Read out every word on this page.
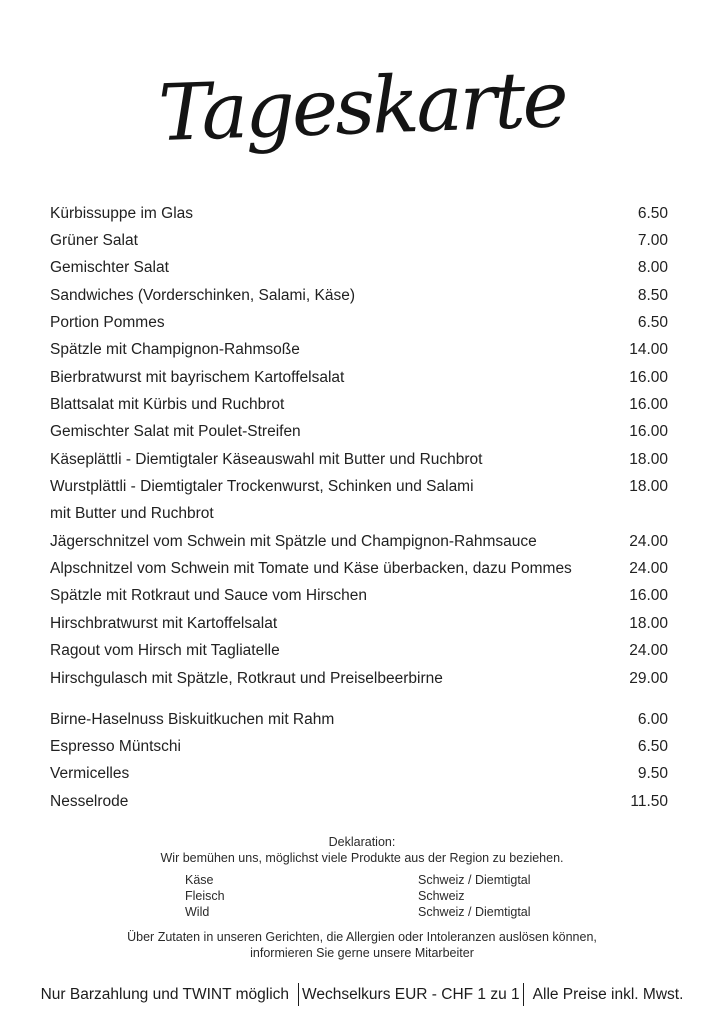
Tageskarte
Kürbissuppe im Glas	6.50
Grüner Salat	7.00
Gemischter Salat	8.00
Sandwiches (Vorderschinken, Salami, Käse)	8.50
Portion Pommes	6.50
Spätzle mit Champignon-Rahmsoße	14.00
Bierbratwurst mit bayrischem Kartoffelsalat	16.00
Blattsalat mit Kürbis und Ruchbrot	16.00
Gemischter Salat mit Poulet-Streifen	16.00
Käseplättli - Diemtigtaler Käseauswahl mit Butter und Ruchbrot	18.00
Wurstplättli - Diemtigtaler Trockenwurst, Schinken und Salami	18.00
mit Butter und Ruchbrot
Jägerschnitzel vom Schwein mit Spätzle und Champignon-Rahmsauce	24.00
Alpschnitzel vom Schwein mit Tomate und Käse überbacken, dazu Pommes	24.00
Spätzle mit Rotkraut und Sauce vom Hirschen	16.00
Hirschbratwurst mit Kartoffelsalat	18.00
Ragout vom Hirsch mit Tagliatelle	24.00
Hirschgulasch mit Spätzle, Rotkraut und Preiselbeerbirne	29.00
Birne-Haselnuss Biskuitkuchen mit Rahm	6.00
Espresso Müntschi	6.50
Vermicelles	9.50
Nesselrode	11.50
Deklaration:
Wir bemühen uns, möglichst viele Produkte aus der Region zu beziehen.
Käse	Schweiz / Diemtigtal
Fleisch	Schweiz
Wild	Schweiz / Diemtigtal
Über Zutaten in unseren Gerichten, die Allergien oder Intoleranzen auslösen können,
informieren Sie gerne unsere Mitarbeiter
Nur Barzahlung und TWINT möglich Wechselkurs EUR - CHF 1 zu 1 Alle Preise inkl. Mwst.
